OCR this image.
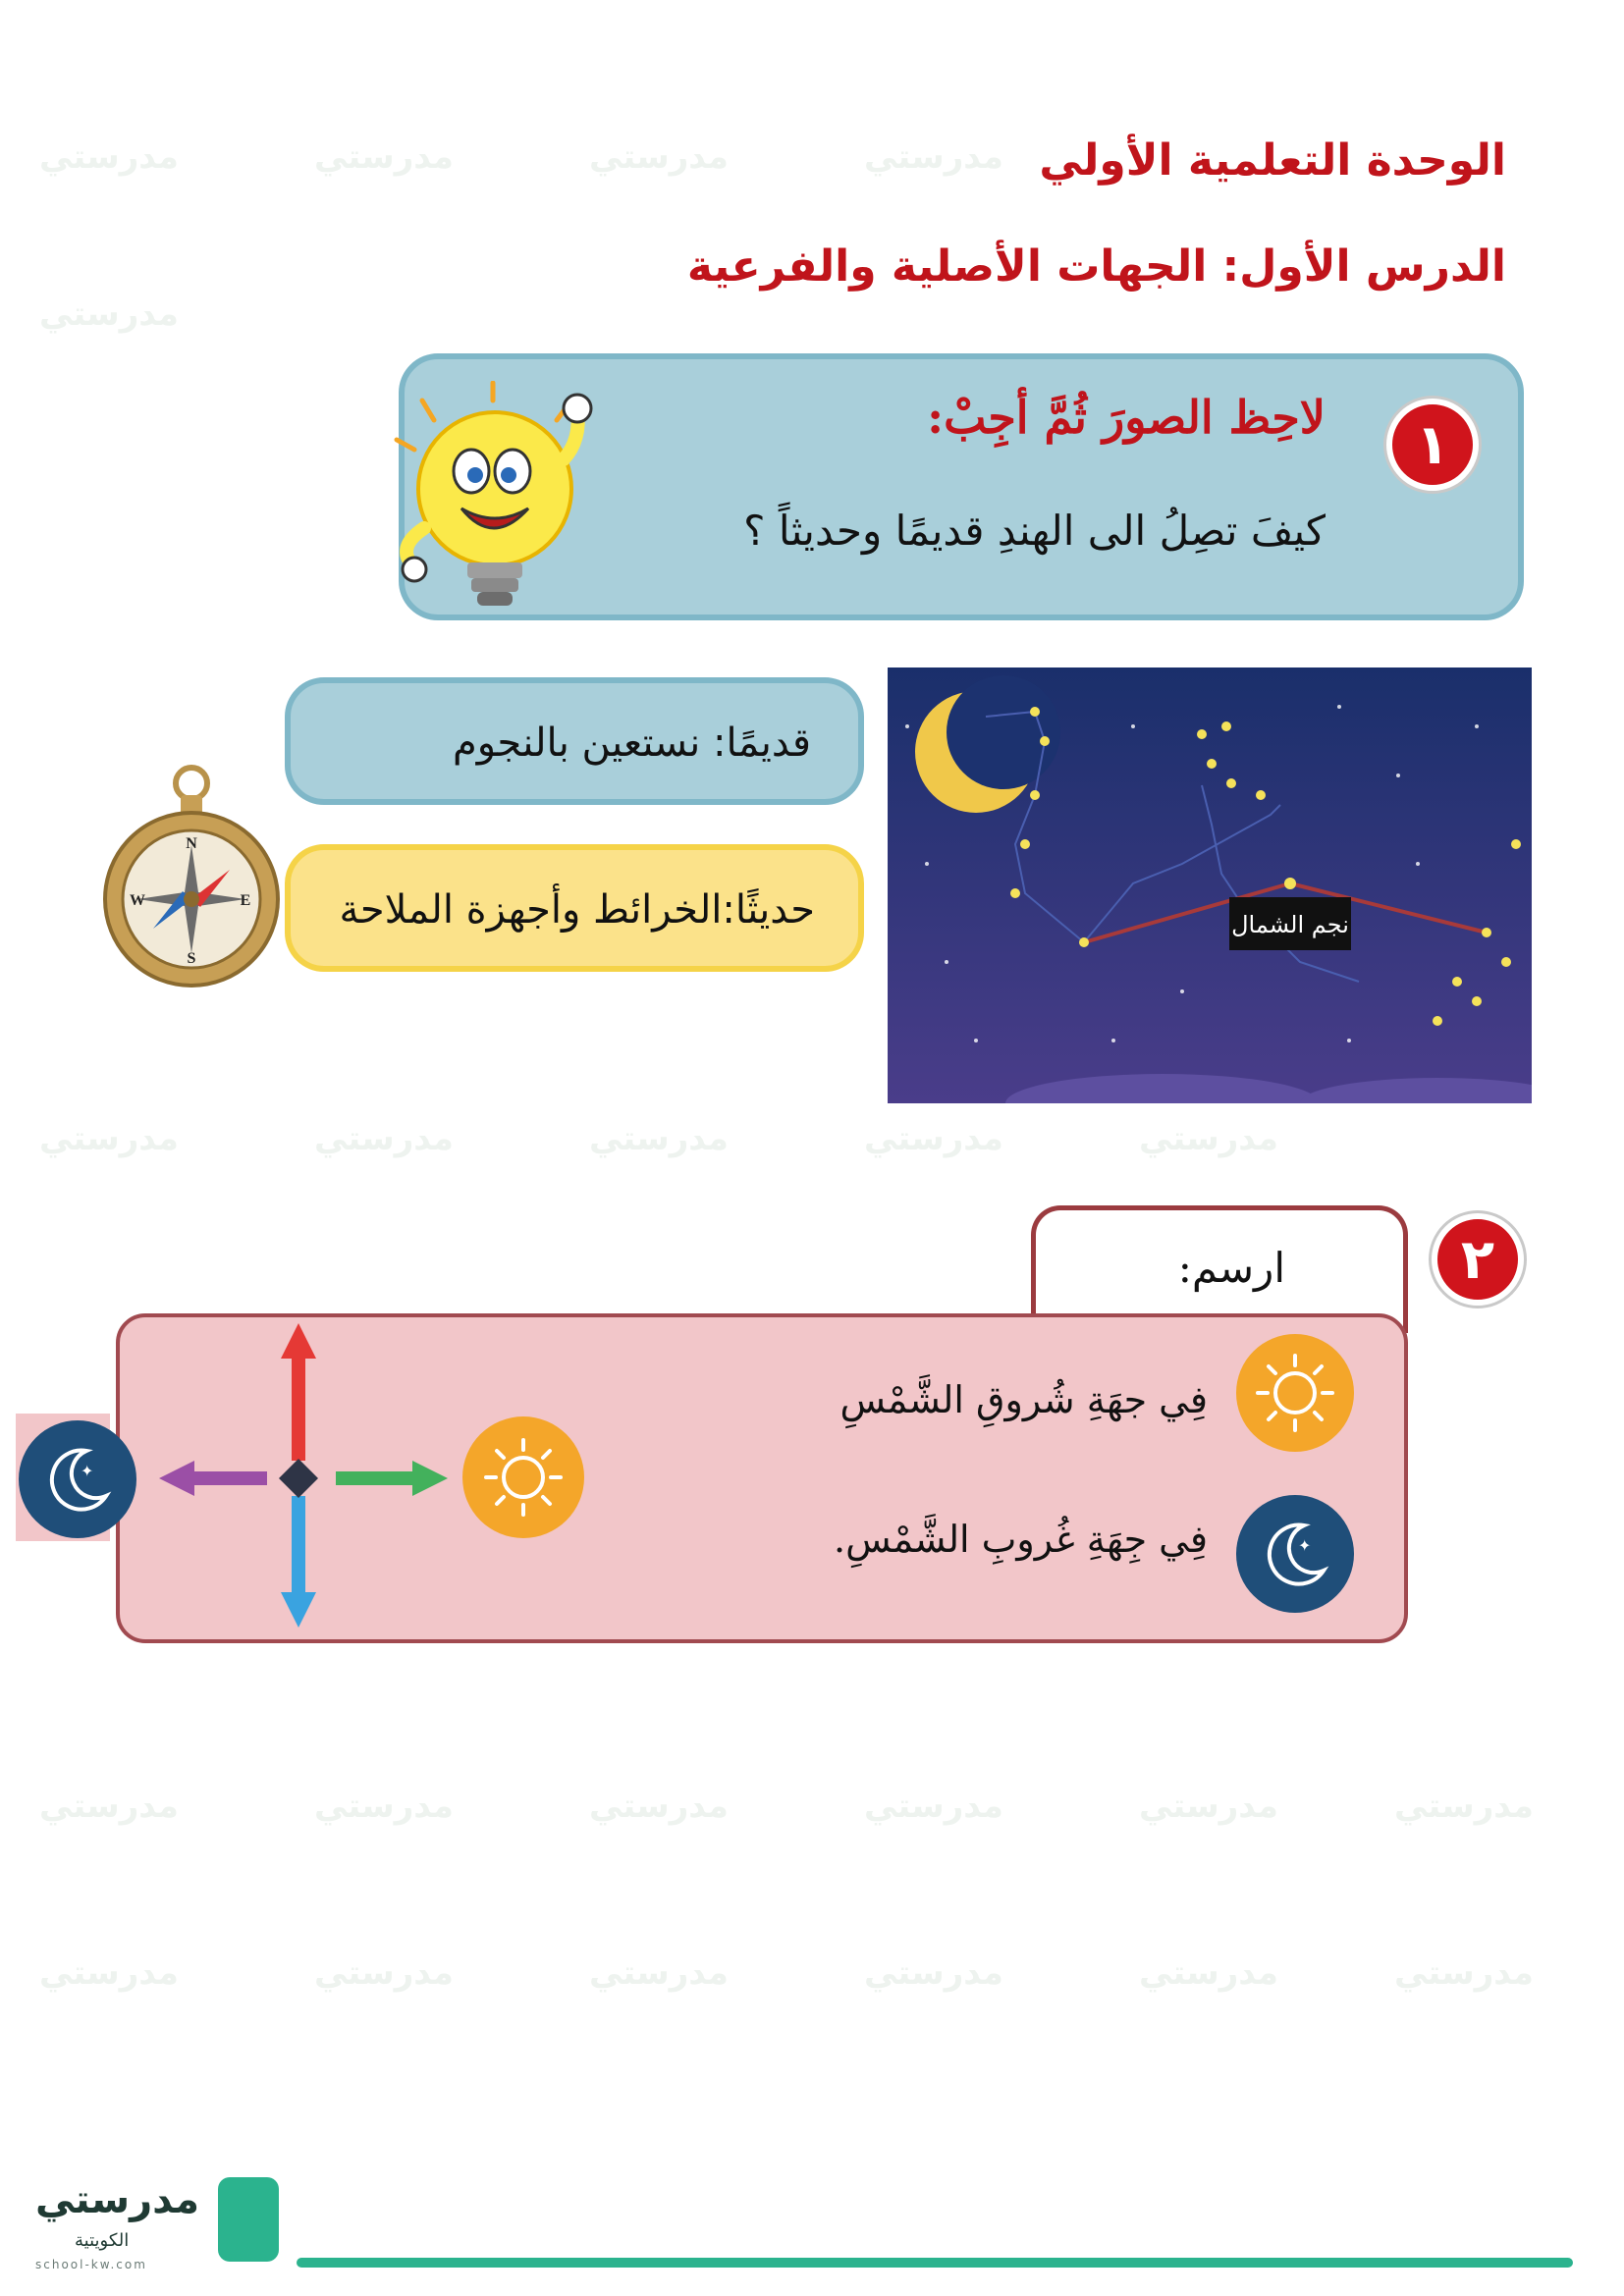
مدرستي	مدرستي	مدرستي	مدرستي
مدرستي
مدرستي	مدرستي	مدرستي	مدرستي	مدرستي
مدرستي	مدرستي	مدرستي	مدرستي	مدرستي	مدرستي
مدرستي	مدرستي	مدرستي	مدرستي	مدرستي	مدرستي
الوحدة التعلمية الأولي
الدرس الأول: الجهات الأصلية والفرعية
١
لاحِظ الصورَ ثُمَّ أجِبْ:
كيفَ تصِلُ الى الهندِ قديمًا وحديثاً ؟
قديمًا: نستعين بالنجوم
حديثًا:الخرائط وأجهزة الملاحة
N
S
E
W
نجم الشمال
٢
ارسم:
فِي جهَةِ شُروقِ الشَّمْسِ
فِي جِهَةِ غُروبِ الشَّمْسِ.	✦
✦
مدرستي
الكويتية
school-kw.com
